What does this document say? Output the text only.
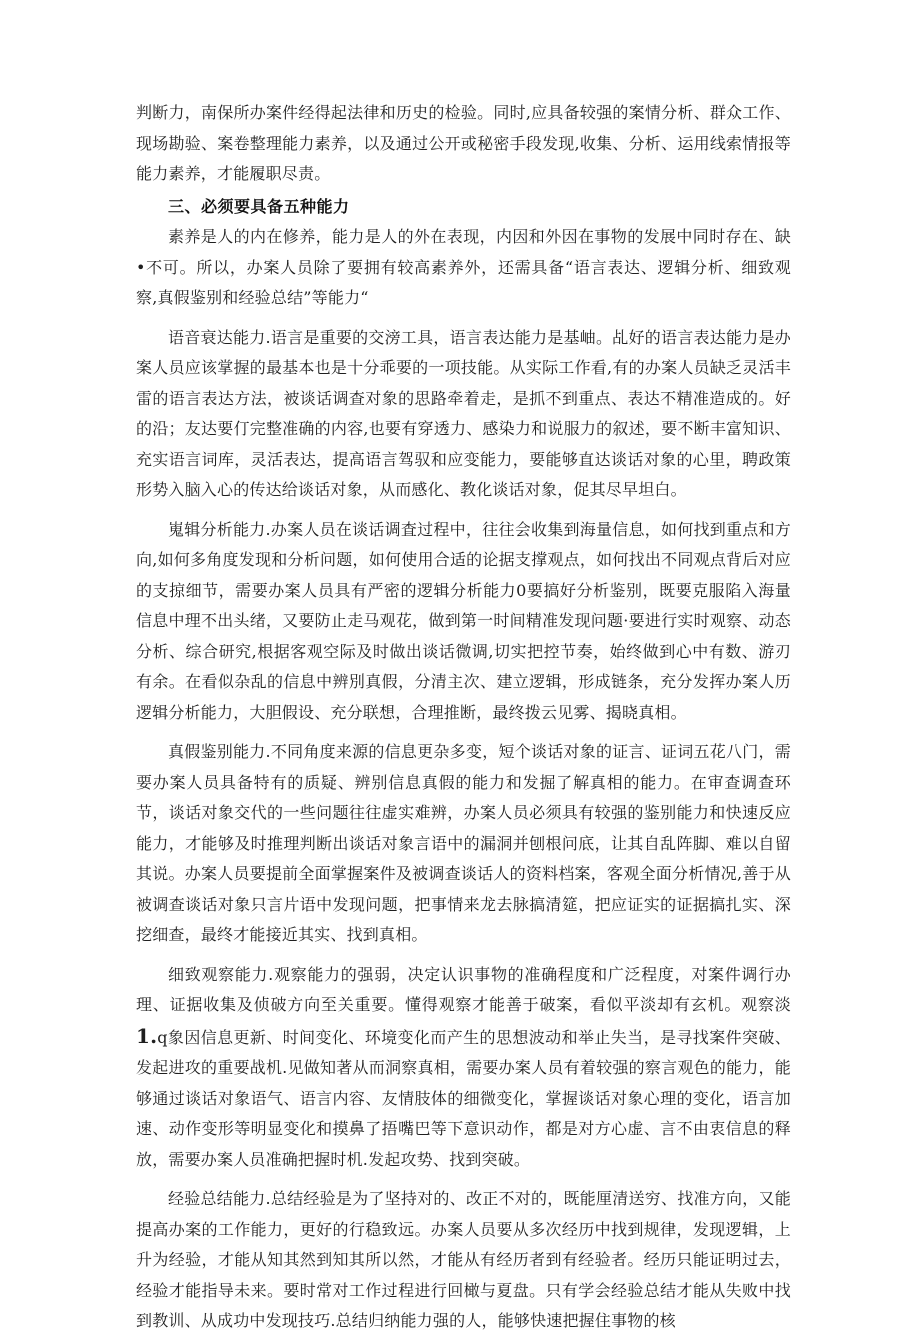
判断力，南保所办案件经得起法律和历史的检验。同时,应具备较强的案情分析、群众工作、现场勘验、案卷整理能力素养，以及通过公开或秘密手段发现,收集、分析、运用线索情报等能力素养，才能履职尽责。

三、必须要具备五种能力

素养是人的内在修养，能力是人的外在表现，内因和外因在事物的发展中同时存在、缺•不可。所以，办案人员除了要拥有较高素养外，还需具备“语言表达、逻辑分析、细致观察,真假鉴别和经验总结”等能力“

语音衰达能力.语言是重要的交滂工具，语言表达能力是基岫。乩好的语言表达能力是办案人员应该掌握的最基本也是十分乖要的一项技能。从实际工作看,有的办案人员缺乏灵活丰雷的语言表达方法，被谈话调查对象的思路牵着走，是抓不到重点、表达不精准造成的。好的沿；友达要仃完整准确的内容,也要有穿透力、感染力和说服力的叙述，要不断丰富知识、充实语言词库，灵活表达，提高语言驾驭和应变能力，要能够直达谈话对象的心里，聘政策形势入脑入心的传达给谈话对象，从而感化、教化谈话对象，促其尽早坦白。

嵬辑分析能力.办案人员在谈话调査过程中，往往会收集到海量信息，如何找到重点和方向,如何多角度发现和分析问题，如何使用合适的论据支撑观点，如何找出不同观点背后对应的支掠细节，需要办案人员具有严密的逻辑分析能力0要搞好分析鉴别，既要克服陷入海量信息中理不出头绪，又要防止走马观花，做到第一时间精准发现问题·要进行实时观察、动态分析、综合研究,根据客观空际及时做出谈话微调,切实把控节奏，始终做到心中有数、游刃有余。在看似杂乱的信息中辨別真假，分清主次、建立逻辑，形成链条，充分发挥办案人历逻辑分析能力，大胆假设、充分联想，合理推断，最终拨云见雾、揭晓真相。

真假鉴别能力.不同角度来源的信息更杂多变，短个谈话对象的证言、证词五花八门，需要办案人员具备特有的质疑、辨别信息真假的能力和发掘了解真相的能力。在审查调查环节，谈话对象交代的一些问题往往虚实难辨，办案人员必须具有较强的鉴别能力和快速反应能力，才能够及时推理判断出谈话对象言语中的漏洞并刨根问底，让其自乱阵脚、难以自留其说。办案人员要提前全面掌握案件及被调查谈话人的资料档案，客观全面分析情况,善于从被调查谈话对象只言片语中发现问题，把事情来龙去脉搞清筵，把应证实的证据搞扎实、深挖细查，最终才能接近其实、找到真相。

细致观察能力.观察能力的强弱，决定认识事物的准确程度和广泛程度，对案件调行办理、证据收集及侦破方向至关重要。懂得观察才能善于破案，看似平淡却有玄机。观察淡1.q象因信息更新、时间变化、环境变化而产生的思想波动和举止失当，是寻找案件突破、发起进攻的重要战机.见做知著从而洞察真相，需要办案人员有着较强的察言观色的能力，能够通过谈话对象语气、语言内容、友情肢体的细微变化，掌握谈话对象心理的变化，语言加速、动作变形等明显变化和摸鼻了捂嘴巴等下意识动作，都是对方心虚、言不由衷信息的释放，需要办案人员准确把握时机.发起攻势、找到突破。

经验总结能力.总结经验是为了坚持对的、改正不对的，既能厘清送穷、找准方向，又能提高办案的工作能力，更好的行稳致远。办案人员要从多次经历中找到规律，发现逻辑，上升为经验，才能从知其然到知其所以然，才能从有经历者到有经验者。经历只能证明过去，经验才能指导未来。要时常对工作过程进行回橄与夏盘。只有学会经验总结才能从失败中找到教训、从成功中发现技巧.总结归纳能力强的人，能够快速把握住事物的核
